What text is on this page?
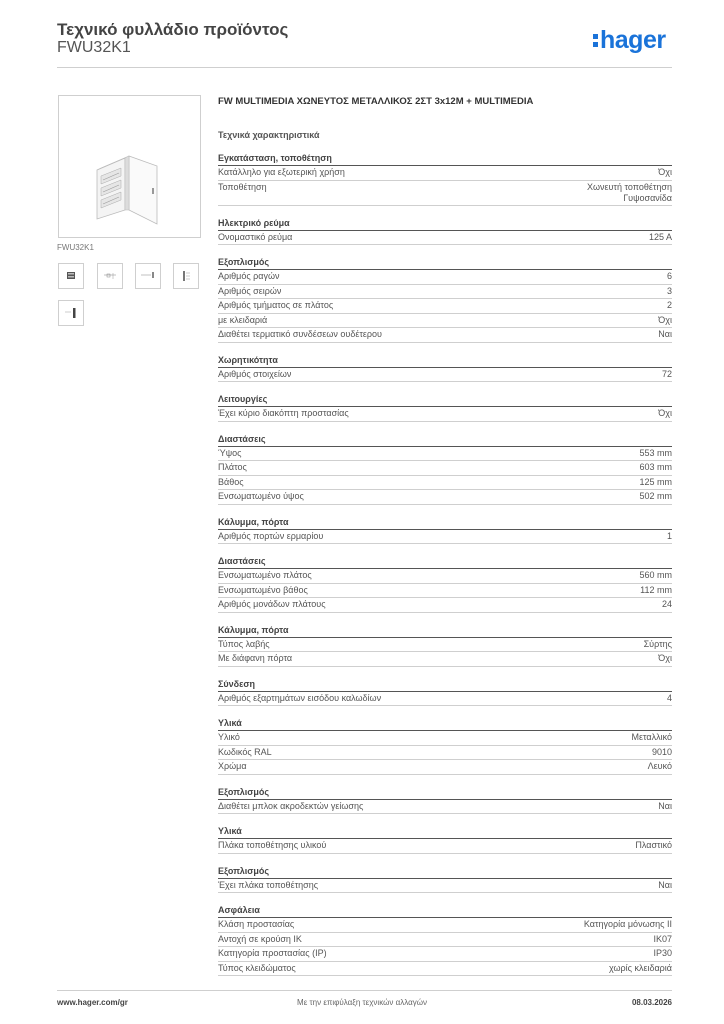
Τεχνικό φυλλάδιο προϊόντος
FWU32K1	hager
FWU32K1
FW MULTIMEDIA ΧΩΝΕΥΤΟΣ ΜΕΤΑΛΛΙΚΟΣ 2ΣΤ 3x12M + MULTIMEDIA
Τεχνικά χαρακτηριστικά
Εγκατάσταση, τοποθέτηση
Κατάλληλο για εξωτερική χρήση	Όχι
Τοποθέτηση	Χωνευτή τοποθέτηση
Γυψοσανίδα
Ηλεκτρικό ρεύμα
Ονομαστικό ρεύμα	125 A
Εξοπλισμός
Αριθμός ραγών	6
Αριθμός σειρών	3
Αριθμός τμήματος σε πλάτος	2
με κλειδαριά	Όχι
Διαθέτει τερματικό συνδέσεων ουδέτερου	Ναι
Χωρητικότητα
Αριθμός στοιχείων	72
Λειτουργίες
Έχει κύριο διακόπτη προστασίας	Όχι
Διαστάσεις
Ύψος	553 mm
Πλάτος	603 mm
Βάθος	125 mm
Ενσωματωμένο ύψος	502 mm
Κάλυμμα, πόρτα
Αριθμός πορτών ερμαρίου	1
Διαστάσεις
Ενσωματωμένο πλάτος	560 mm
Ενσωματωμένο βάθος	112 mm
Αριθμός μονάδων πλάτους	24
Κάλυμμα, πόρτα
Τύπος λαβής	Σύρτης
Με διάφανη πόρτα	Όχι
Σύνδεση
Αριθμός εξαρτημάτων εισόδου καλωδίων	4
Υλικά
Υλικό	Μεταλλικό
Κωδικός RAL	9010
Χρώμα	Λευκό
Εξοπλισμός
Διαθέτει μπλοκ ακροδεκτών γείωσης	Ναι
Υλικά
Πλάκα τοποθέτησης υλικού	Πλαστικό
Εξοπλισμός
Έχει πλάκα τοποθέτησης	Ναι
Ασφάλεια
Κλάση προστασίας	Κατηγορία μόνωσης II
Αντοχή σε κρούση IK	IK07
Κατηγορία προστασίας (IP)	IP30
Τύπος κλειδώματος	χωρίς κλειδαριά
Με την επιφύλαξη τεχνικών αλλαγών
www.hager.com/gr	08.03.2026
